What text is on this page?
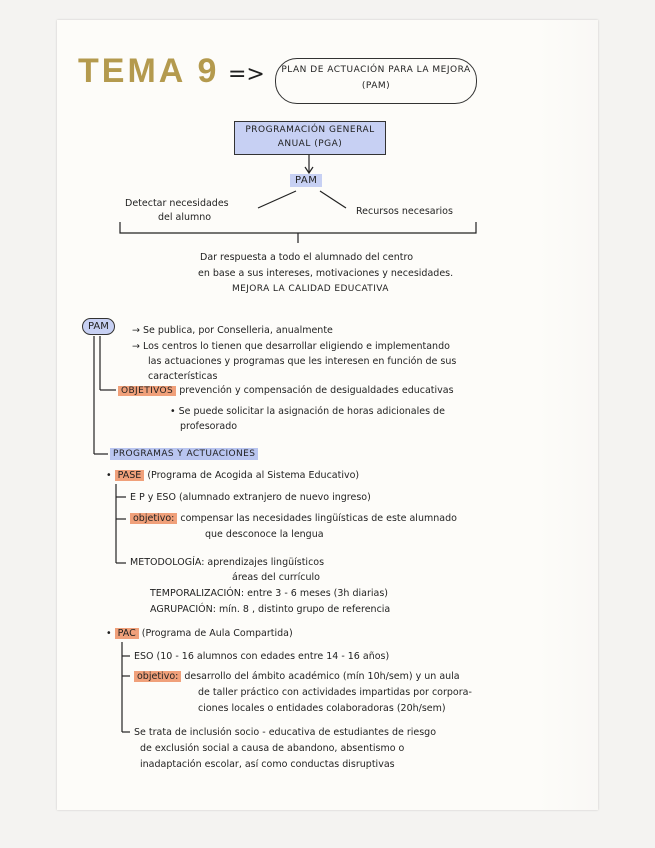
TEMA 9 =>	PLAN DE ACTUACIÓN PARA LA MEJORA
(PAM)
PROGRAMACIÓN GENERAL
ANUAL (PGA)
PAM
Detectar necesidades
del alumno
Recursos necesarios
Dar respuesta a todo el alumnado del centro
en base a sus intereses, motivaciones y necesidades.
MEJORA LA CALIDAD EDUCATIVA
PAM	→ Se publica, por Conselleria, anualmente
→ Los centros lo tienen que desarrollar eligiendo e implementando
las actuaciones y programas que les interesen en función de sus
características
OBJETIVOS prevención y compensación de desigualdades educativas
• Se puede solicitar la asignación de horas adicionales de
profesorado
PROGRAMAS Y ACTUACIONES
• PASE (Programa de Acogida al Sistema Educativo)
E P y ESO (alumnado extranjero de nuevo ingreso)
objetivo: compensar las necesidades lingüísticas de este alumnado
que desconoce la lengua
METODOLOGÍA: aprendizajes lingüísticos
áreas del currículo
TEMPORALIZACIÓN: entre 3 - 6 meses (3h diarias)
AGRUPACIÓN: mín. 8 , distinto grupo de referencia
• PAC (Programa de Aula Compartida)
ESO (10 - 16 alumnos con edades entre 14 - 16 años)
objetivo: desarrollo del ámbito académico (mín 10h/sem) y un aula
de taller práctico con actividades impartidas por corpora-
ciones locales o entidades colaboradoras (20h/sem)
Se trata de inclusión socio - educativa de estudiantes de riesgo
de exclusión social a causa de abandono, absentismo o
inadaptación escolar, así como conductas disruptivas
